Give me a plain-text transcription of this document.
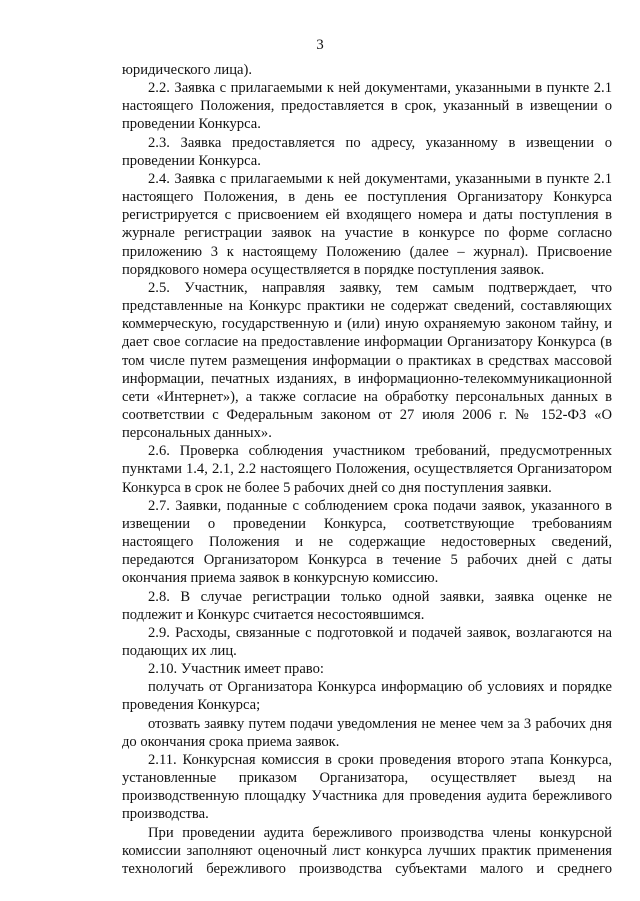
3

юридического лица).

2.2. Заявка с прилагаемыми к ней документами, указанными в пункте 2.1 настоящего Положения, предоставляется в срок, указанный в извещении о проведении Конкурса.

2.3. Заявка предоставляется по адресу, указанному в извещении о проведении Конкурса.

2.4. Заявка с прилагаемыми к ней документами, указанными в пункте 2.1 настоящего Положения, в день ее поступления Организатору Конкурса регистрируется с присвоением ей входящего номера и даты поступления в журнале регистрации заявок на участие в конкурсе по форме согласно приложению 3 к настоящему Положению (далее – журнал). Присвоение порядкового номера осуществляется в порядке поступления заявок.

2.5. Участник, направляя заявку, тем самым подтверждает, что представленные на Конкурс практики не содержат сведений, составляющих коммерческую, государственную и (или) иную охраняемую законом тайну, и дает свое согласие на предоставление информации Организатору Конкурса (в том числе путем размещения информации о практиках в средствах массовой информации, печатных изданиях, в информационно-телекоммуникационной сети «Интернет»), а также согласие на обработку персональных данных в соответствии с Федеральным законом от 27 июля 2006 г. № 152-ФЗ «О персональных данных».

2.6. Проверка соблюдения участником требований, предусмотренных пунктами 1.4, 2.1, 2.2 настоящего Положения, осуществляется Организатором Конкурса в срок не более 5 рабочих дней со дня поступления заявки.

2.7. Заявки, поданные с соблюдением срока подачи заявок, указанного в извещении о проведении Конкурса, соответствующие требованиям настоящего Положения и не содержащие недостоверных сведений, передаются Организатором Конкурса в течение 5 рабочих дней с даты окончания приема заявок в конкурсную комиссию.

2.8. В случае регистрации только одной заявки, заявка оценке не подлежит и Конкурс считается несостоявшимся.

2.9. Расходы, связанные с подготовкой и подачей заявок, возлагаются на подающих их лиц.

2.10. Участник имеет право:

получать от Организатора Конкурса информацию об условиях и порядке проведения Конкурса;

отозвать заявку путем подачи уведомления не менее чем за 3 рабочих дня до окончания срока приема заявок.

2.11. Конкурсная комиссия в сроки проведения второго этапа Конкурса, установленные приказом Организатора, осуществляет выезд на производственную площадку Участника для проведения аудита бережливого производства.

При проведении аудита бережливого производства члены конкурсной комиссии заполняют оценочный лист конкурса лучших практик применения технологий бережливого производства субъектами малого и среднего
